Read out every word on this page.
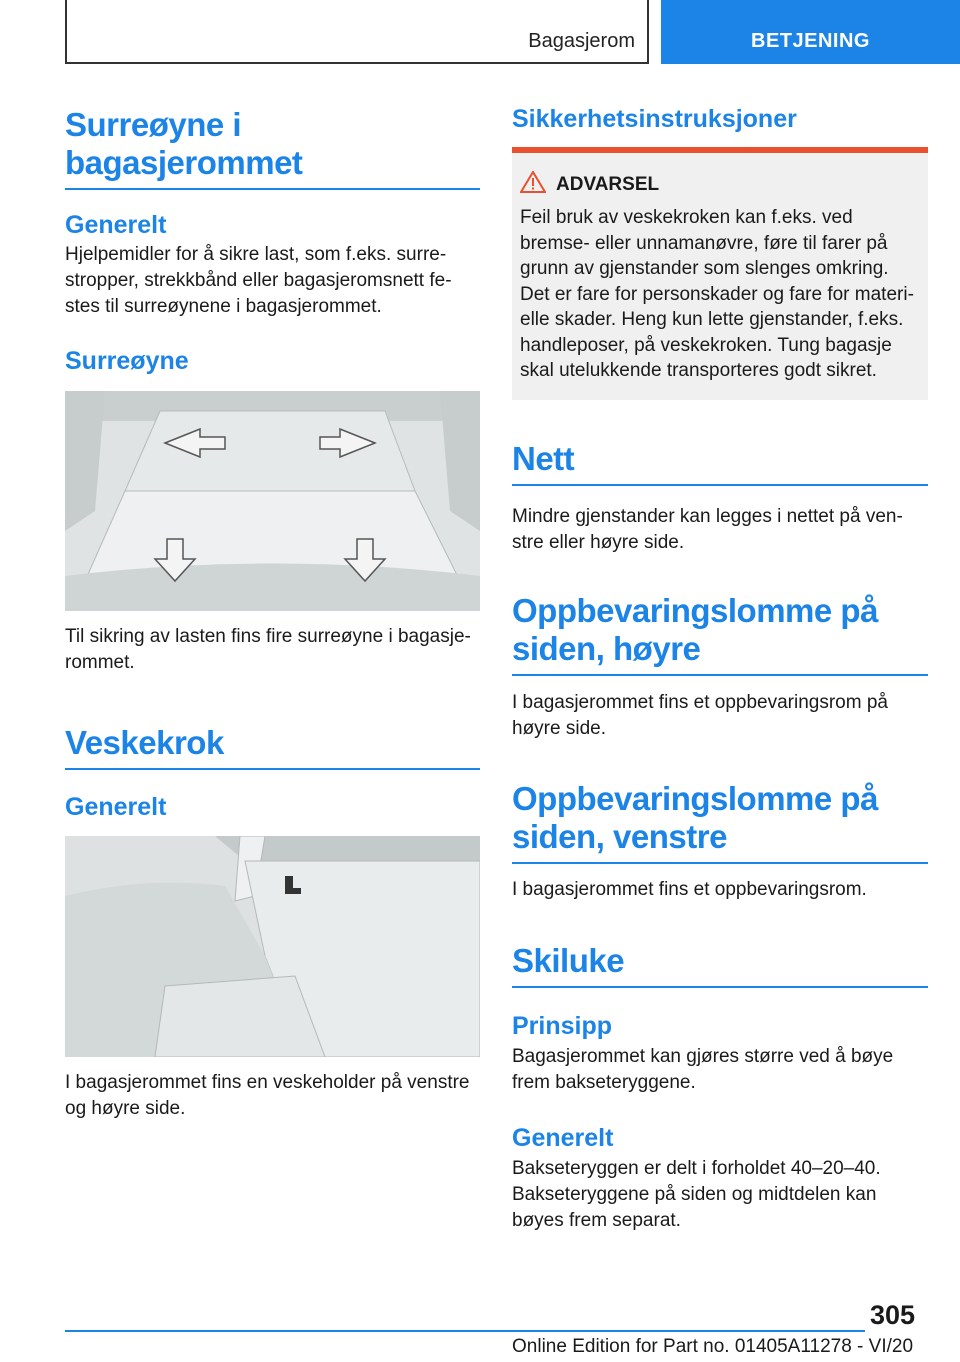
Bagasjerom	BETJENING
Surreøyne i bagasjerommet
Generelt

Hjelpemidler for å sikre last, som f.eks. surrestropper, strekkbånd eller bagasjeromsnett festes til surreøynene i bagasjerommet.

Surreøyne

Til sikring av lasten fins fire surreøyne i bagasjerommet.

Veskekrok
Generelt

I bagasjerommet fins en veskeholder på venstre og høyre side.

Sikkerhetsinstruksjoner
ADVARSEL

Feil bruk av veskekroken kan f.eks. ved bremse- eller unnamanøvre, føre til farer på grunn av gjenstander som slenges omkring. Det er fare for personskader og fare for materielle skader. Heng kun lette gjenstander, f.eks. handleposer, på veskekroken. Tung bagasje skal utelukkende transporteres godt sikret.

Nett

Mindre gjenstander kan legges i nettet på venstre eller høyre side.

Oppbevaringslomme på siden, høyre

I bagasjerommet fins et oppbevaringsrom på høyre side.

Oppbevaringslomme på siden, venstre

I bagasjerommet fins et oppbevaringsrom.

Skiluke
Prinsipp

Bagasjerommet kan gjøres større ved å bøye frem bakseteryggene.

Generelt

Bakseteryggen er delt i forholdet 40–20–40. Bakseteryggene på siden og midtdelen kan bøyes frem separat.

305
Online Edition for Part no. 01405A11278 - VI/20
